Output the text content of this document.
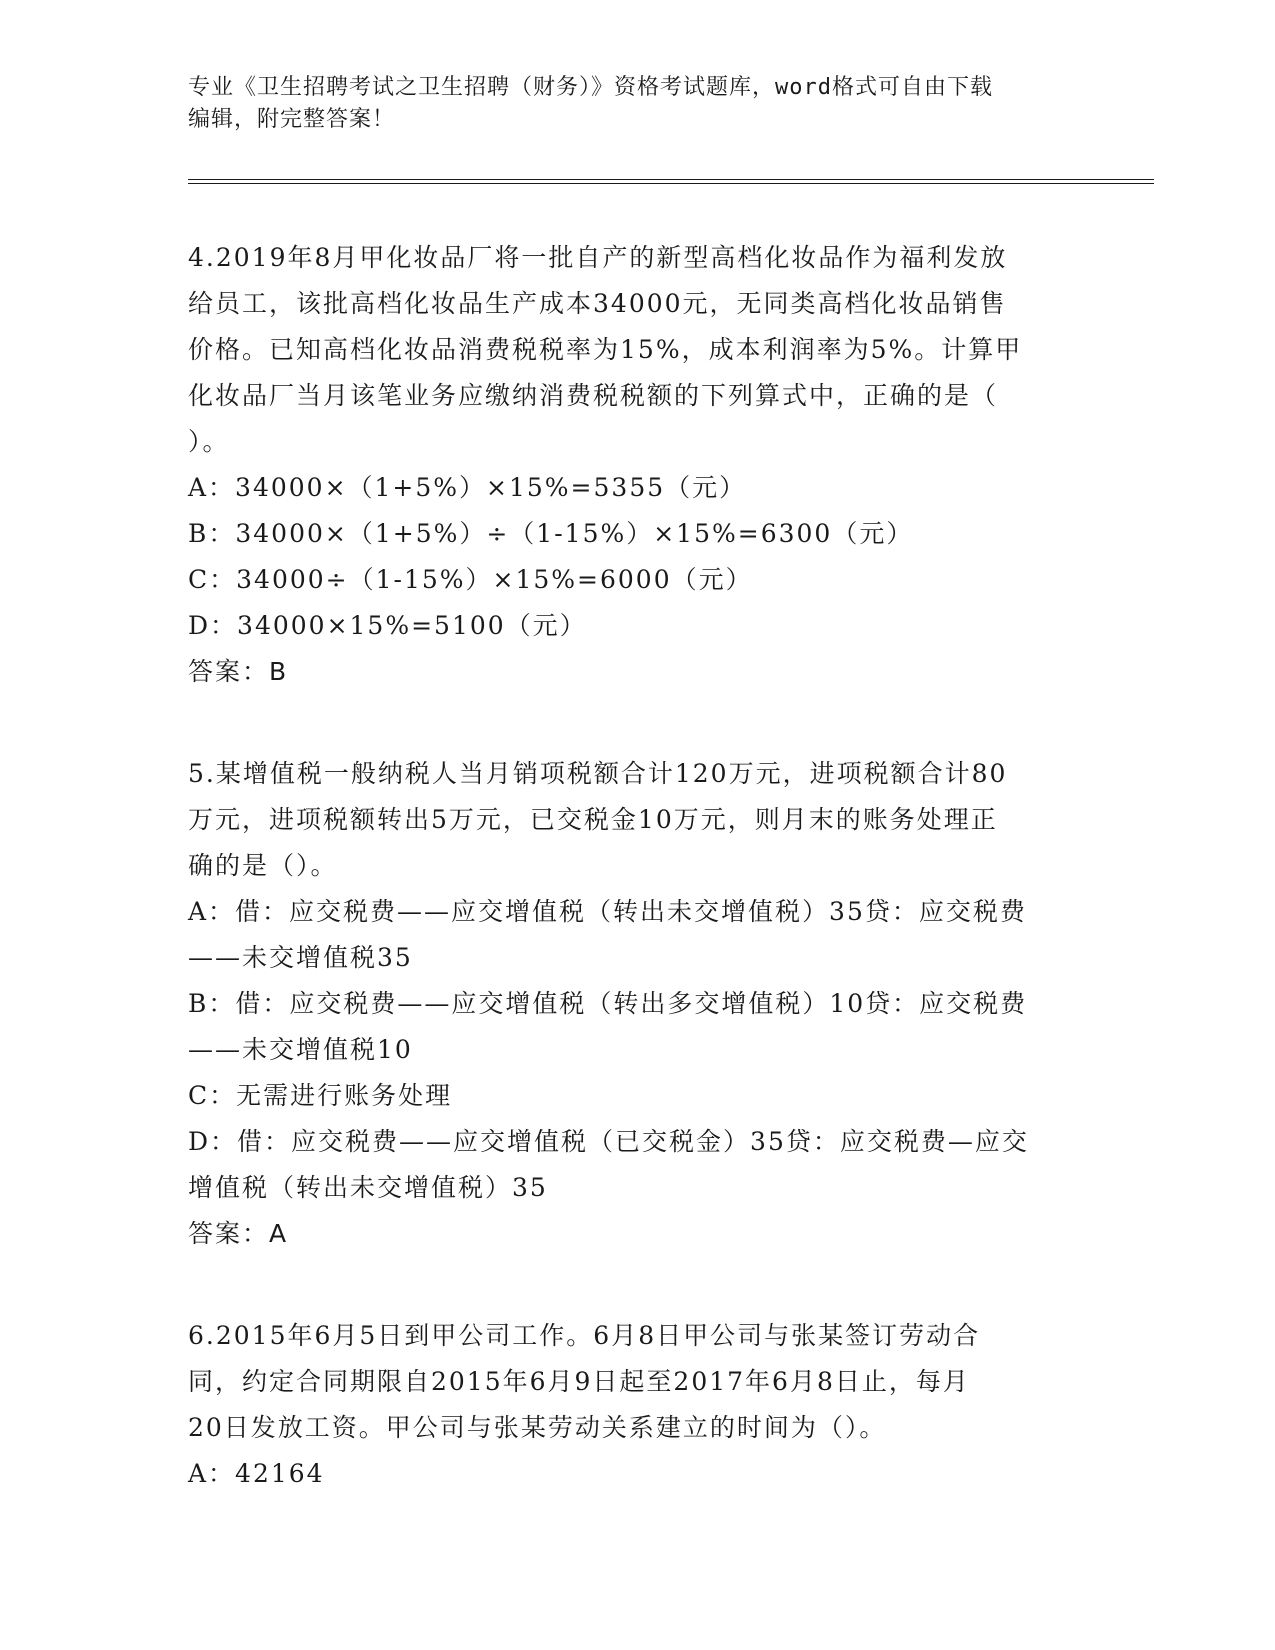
专业《卫生招聘考试之卫生招聘（财务）》资格考试题库，word格式可自由下载
编辑，附完整答案！

4.2019年8月甲化妆品厂将一批自产的新型高档化妆品作为福利发放

给员工，该批高档化妆品生产成本34000元，无同类高档化妆品销售

价格。已知高档化妆品消费税税率为15%，成本利润率为5%。计算甲

化妆品厂当月该笔业务应缴纳消费税税额的下列算式中，正确的是（

）。

A：34000×（1+5%）×15%=5355（元）

B：34000×（1+5%）÷（1-15%）×15%=6300（元）

C：34000÷（1-15%）×15%=6000（元）

D：34000×15%=5100（元）

答案：B

5.某增值税一般纳税人当月销项税额合计120万元，进项税额合计80

万元，进项税额转出5万元，已交税金10万元，则月末的账务处理正

确的是（）。

A：借：应交税费——应交增值税（转出未交增值税）35贷：应交税费

——未交增值税35

B：借：应交税费——应交增值税（转出多交增值税）10贷：应交税费

——未交增值税10

C：无需进行账务处理

D：借：应交税费——应交增值税（已交税金）35贷：应交税费—应交

增值税（转出未交增值税）35

答案：A

6.2015年6月5日到甲公司工作。6月8日甲公司与张某签订劳动合

同，约定合同期限自2015年6月9日起至2017年6月8日止，每月

20日发放工资。甲公司与张某劳动关系建立的时间为（）。

A：42164
